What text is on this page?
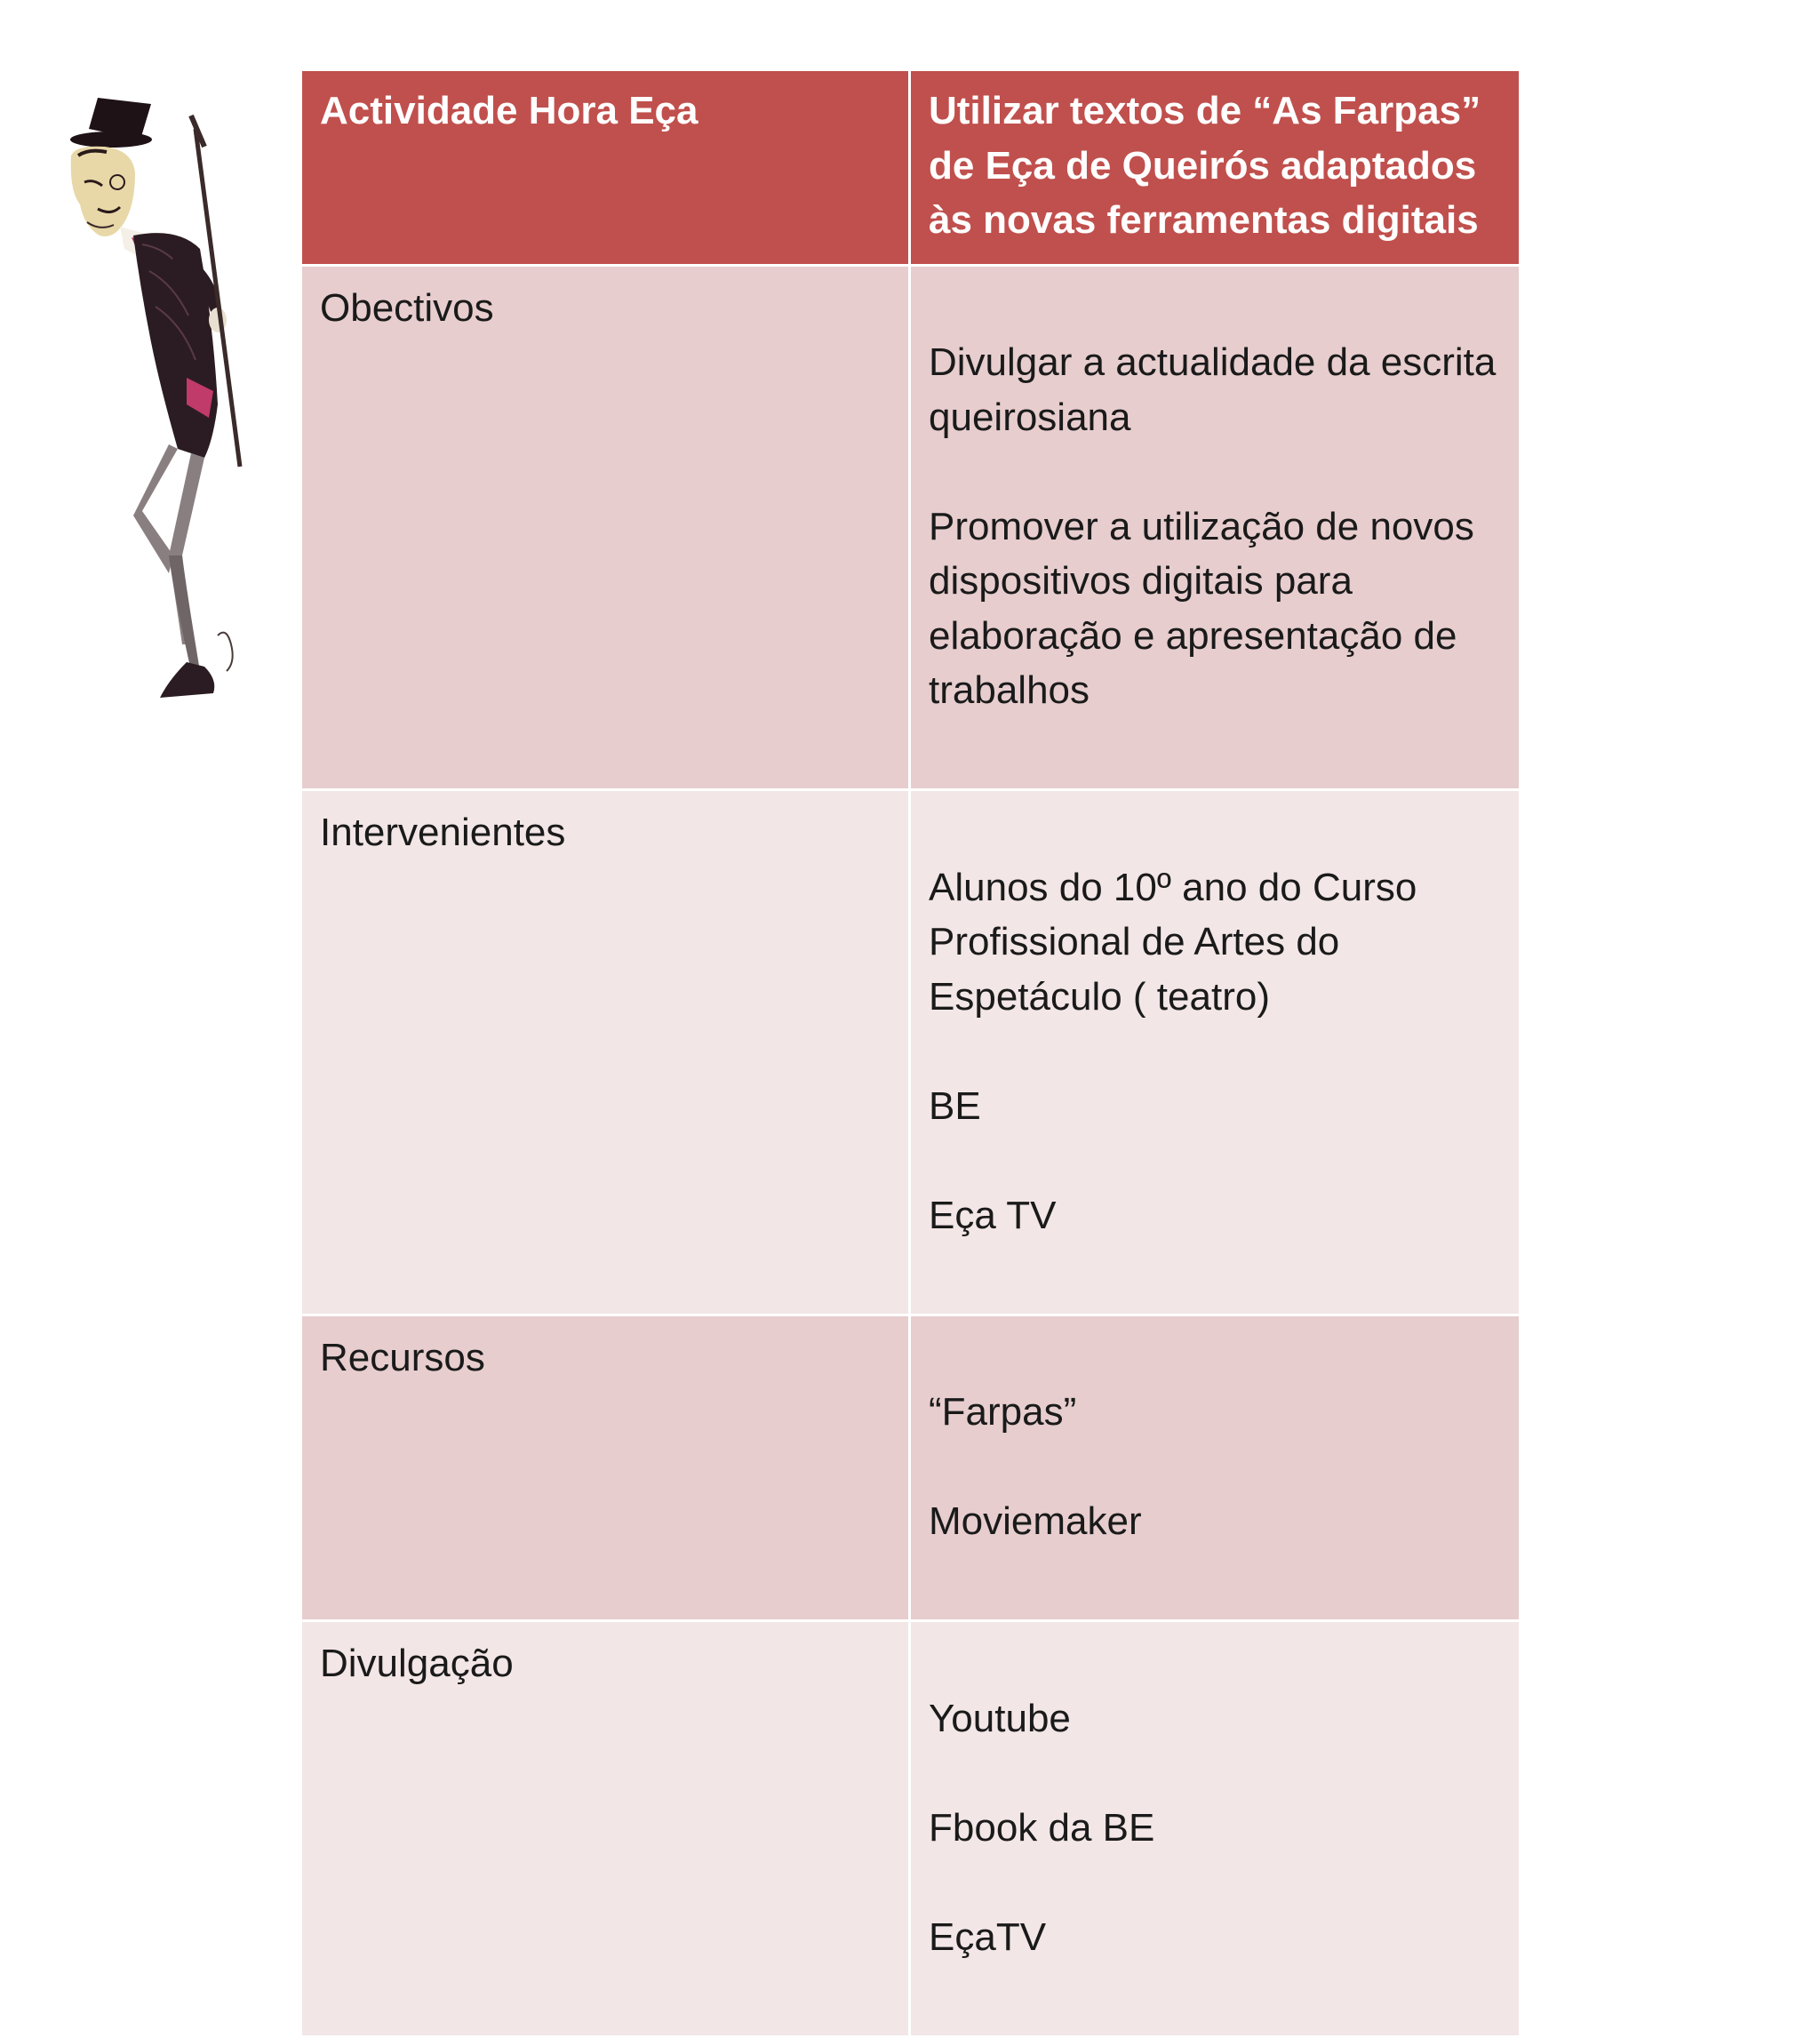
Actividade Hora Eça	Utilizar textos de “As Farpas” de Eça de Queirós adaptados às novas ferramentas digitais
Obectivos	Divulgar a actualidade da escrita queirosiana

Promover a utilização de novos dispositivos digitais para elaboração e apresentação de trabalhos

Intervenientes	Alunos do 10º ano do Curso Profissional de Artes do Espetáculo ( teatro)

BE

Eça TV

Recursos	“Farpas”

Moviemaker

Divulgação	Youtube

Fbook da BE

EçaTV
